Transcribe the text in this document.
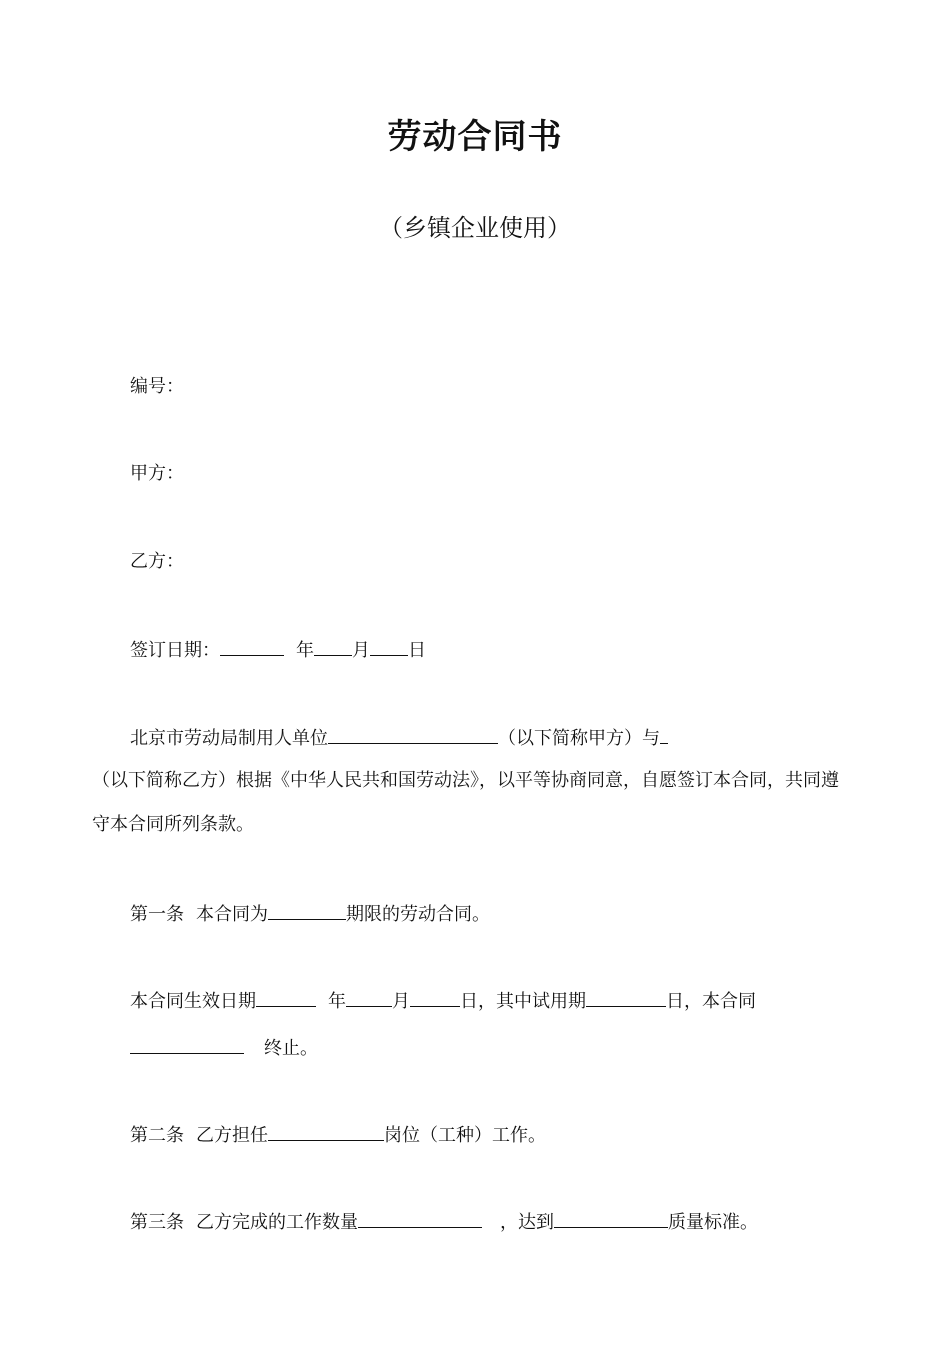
劳动合同书
（乡镇企业使用）
编号：
甲方：
乙方：
签订日期：	年 月 日
北京市劳动局制用人单位	（以下简称甲方）与
（以下简称乙方）根据《中华人民共和国劳动法》，以平等协商同意，自愿签订本合同，共同遵
守本合同所列条款。
第一条 本合同为	期限的劳动合同。
本合同生效日期	年	月	日，其中试用期	日，本合同
终止。
第二条 乙方担任	岗位（工种）工作。
第三条 乙方完成的工作数量	，达到	质量标准。
